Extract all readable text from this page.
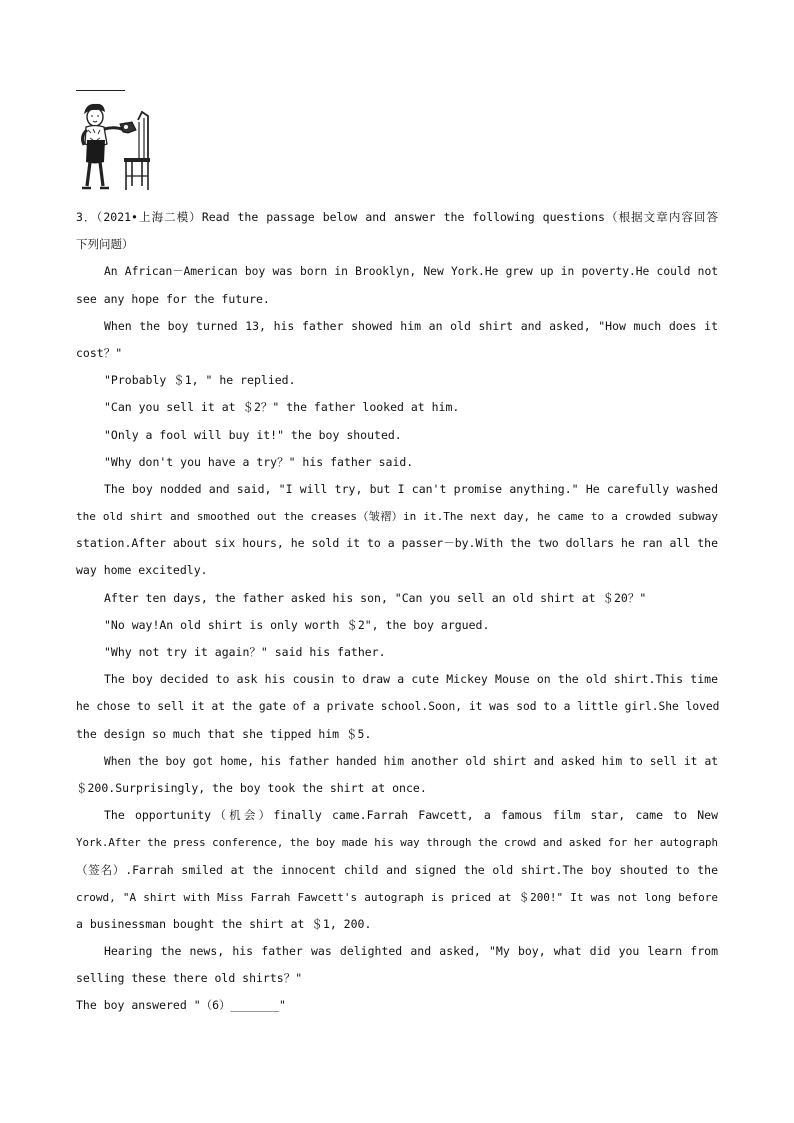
3．（2021•上海二模）Read the passage below and answer the following questions（根据文章内容回答
下列问题）
An African－American boy was born in Brooklyn, New York.He grew up in poverty.He could not
see any hope for the future.
When the boy turned 13, his father showed him an old shirt and asked, "How much does it
cost？"
"Probably ＄1, " he replied.
"Can you sell it at ＄2？" the father looked at him.
"Only a fool will buy it!" the boy shouted.
"Why don't you have a try？" his father said.
The boy nodded and said, "I will try, but I can't promise anything." He carefully washed
the old shirt and smoothed out the creases（皱褶）in it.The next day, he came to a crowded subway
station.After about six hours, he sold it to a passer－by.With the two dollars he ran all the
way home excitedly.
After ten days, the father asked his son, "Can you sell an old shirt at ＄20？"
"No way!An old shirt is only worth ＄2", the boy argued.
"Why not try it again？" said his father.
The boy decided to ask his cousin to draw a cute Mickey Mouse on the old shirt.This time
he chose to sell it at the gate of a private school.Soon, it was sod to a little girl.She loved
the design so much that she tipped him ＄5.
When the boy got home, his father handed him another old shirt and asked him to sell it at
＄200.Surprisingly, the boy took the shirt at once.
The opportunity（机会）finally came.Farrah Fawcett, a famous film star, came to New
York.After the press conference, the boy made his way through the crowd and asked for her autograph
（签名）.Farrah smiled at the innocent child and signed the old shirt.The boy shouted to the
crowd, "A shirt with Miss Farrah Fawcett's autograph is priced at ＄200!" It was not long before
a businessman bought the shirt at ＄1, 200.
Hearing the news, his father was delighted and asked, "My boy, what did you learn from
selling these there old shirts？"
The boy answered "（6）_______"
